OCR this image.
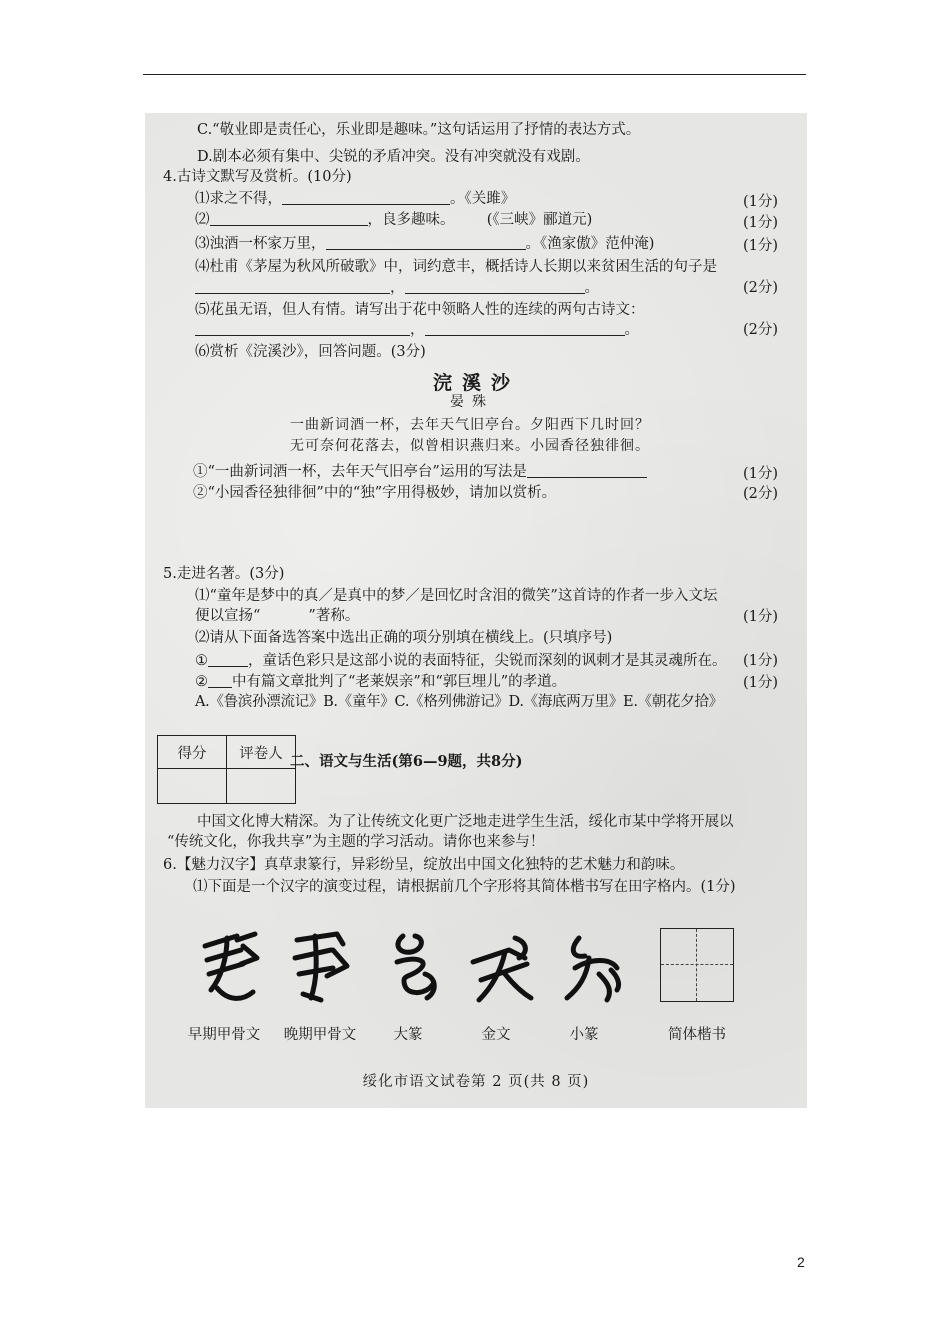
C.“敬业即是责任心，乐业即是趣味。”这句话运用了抒情的表达方式。
D.剧本必须有集中、尖锐的矛盾冲突。没有冲突就没有戏剧。
4.古诗文默写及赏析。(10分)
⑴求之不得，	。《关雎》	(1分)
⑵	，良多趣味。 (《三峡》郦道元)	(1分)
⑶浊酒一杯家万里，	。《渔家傲》范仲淹)	(1分)
⑷杜甫《茅屋为秋风所破歌》中，词约意丰，概括诗人长期以来贫困生活的句子是
，	。	(2分)
⑸花虽无语，但人有情。请写出于花中领略人性的连续的两句古诗文：
，	。	(2分)
⑹赏析《浣溪沙》，回答问题。(3分)
浣溪沙
晏殊
一曲新词酒一杯，去年天气旧亭台。夕阳西下几时回？
无可奈何花落去，似曾相识燕归来。小园香径独徘徊。
①“一曲新词酒一杯，去年天气旧亭台”运用的写法是	(1分)
②“小园香径独徘徊”中的“独”字用得极妙，请加以赏析。	(2分)
5.走进名著。(3分)
⑴“童年是梦中的真／是真中的梦／是回忆时含泪的微笑”这首诗的作者一步入文坛
便以宣扬“	”著称。	(1分)
⑵请从下面备选答案中选出正确的项分别填在横线上。(只填序号)
①	，童话色彩只是这部小说的表面特征，尖锐而深刻的讽刺才是其灵魂所在。 (1分)
② 中有篇文章批判了“老莱娱亲”和“郭巨埋儿”的孝道。	(1分)
A.《鲁滨孙漂流记》B.《童年》C.《格列佛游记》D.《海底两万里》E.《朝花夕拾》
得分	评卷人
	二、语文与生活(第6—9题，共8分)
中国文化博大精深。为了让传统文化更广泛地走进学生生活，绥化市某中学将开展以
“传统文化，你我共享”为主题的学习活动。请你也来参与！
6.【魅力汉字】真草隶篆行，异彩纷呈，绽放出中国文化独特的艺术魅力和韵味。
⑴下面是一个汉字的演变过程，请根据前几个字形将其简体楷书写在田字格内。(1分)
早期甲骨文	晚期甲骨文	大篆	金文	小篆	简体楷书
绥化市语文试卷第 2 页(共 8 页)
2
